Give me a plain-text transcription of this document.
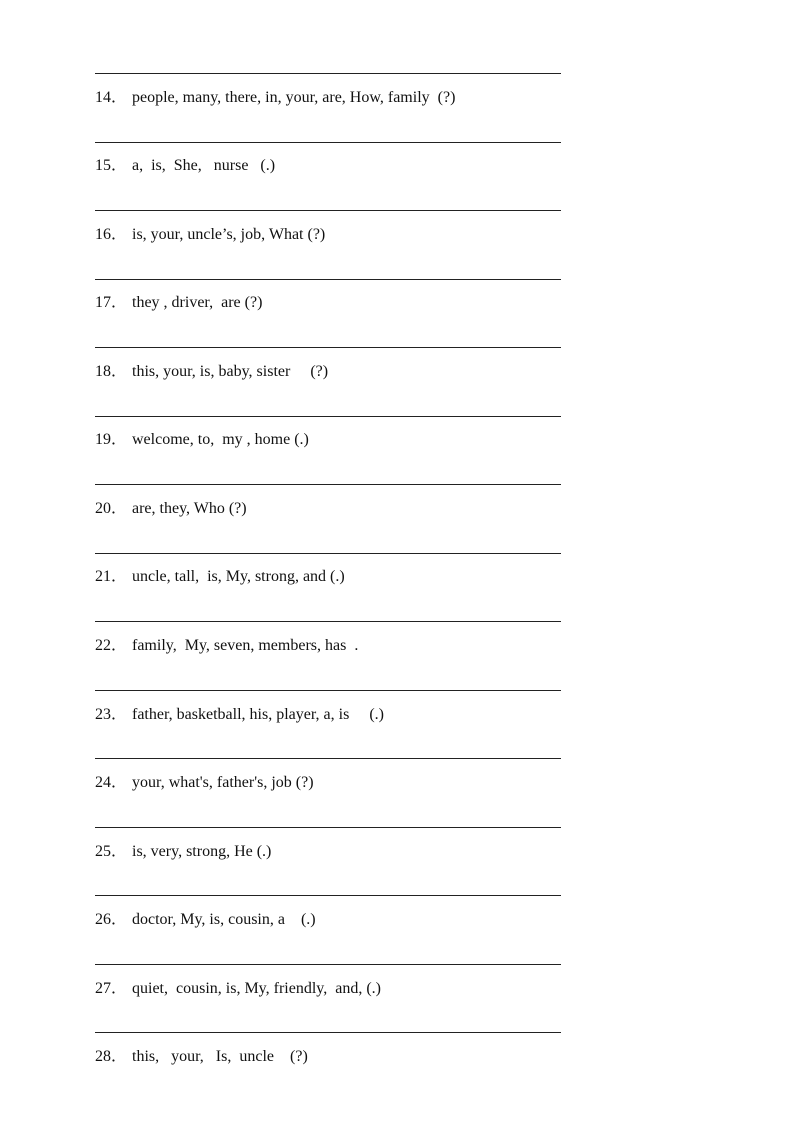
14． people, many, there, in, your, are, How, family  (?)
15． a,  is,  She,   nurse   (.)
16． is, your, uncle’s, job, What (?)
17． they , driver,  are (?)
18． this, your, is, baby, sister     (?)
19． welcome, to,  my , home (.)
20． are, they, Who (?)
21． uncle, tall,  is, My, strong, and (.)
22． family,  My, seven, members, has  .
23． father, basketball, his, player, a, is     (.)
24． your, what's, father's, job (?)
25． is, very, strong, He (.)
26． doctor, My, is, cousin, a    (.)
27． quiet,  cousin, is, My, friendly,  and, (.)
28． this,   your,   Is,  uncle    (?)
